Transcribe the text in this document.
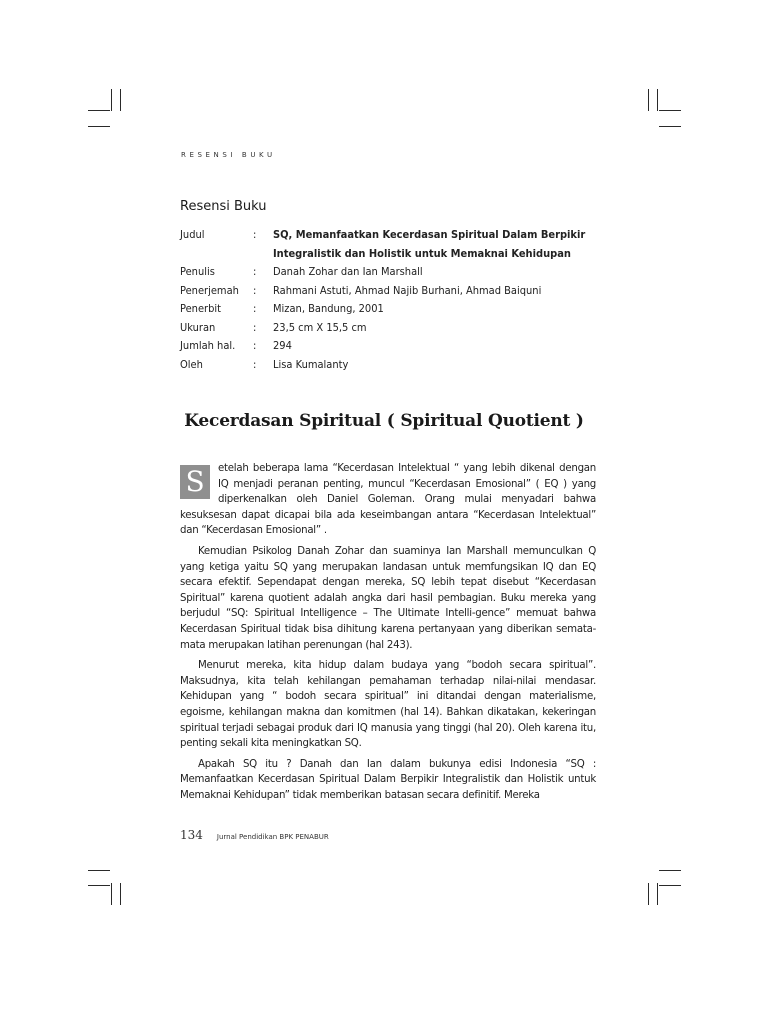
RESENSI BUKU
Resensi Buku
Judul	:	SQ, Memanfaatkan Kecerdasan Spiritual Dalam Berpikir Integralistik dan Holistik untuk Memaknai Kehidupan
Penulis	:	Danah Zohar dan Ian Marshall
Penerjemah	:	Rahmani Astuti, Ahmad Najib Burhani, Ahmad Baiquni
Penerbit	:	Mizan, Bandung, 2001
Ukuran	:	23,5 cm X 15,5 cm
Jumlah hal.	:	294
Oleh	:	Lisa Kumalanty
Kecerdasan Spiritual ( Spiritual Quotient )
S	etelah beberapa lama “Kecerdasan Intelektual “ yang lebih dikenal dengan IQ menjadi peranan penting, muncul “Kecerdasan Emosional” ( EQ ) yang diperkenalkan oleh Daniel Goleman. Orang mulai menyadari bahwa kesuksesan dapat dicapai bila ada keseimbangan antara “Kecerdasan Intelektual” dan “Kecerdasan Emosional” .

Kemudian Psikolog Danah Zohar dan suaminya Ian Marshall memunculkan Q yang ketiga yaitu SQ yang merupakan landasan untuk memfungsikan IQ dan EQ secara efektif. Sependapat dengan mereka, SQ lebih tepat disebut “Kecerdasan Spiritual” karena quotient adalah angka dari hasil pembagian. Buku mereka yang berjudul “SQ: Spiritual Intelligence – The Ultimate Intelli-gence” memuat bahwa Kecerdasan Spiritual tidak bisa dihitung karena pertanyaan yang diberikan semata-mata merupakan latihan perenungan (hal 243).

Menurut mereka, kita hidup dalam budaya yang “bodoh secara spiritual”. Maksudnya, kita telah kehilangan pemahaman terhadap nilai-nilai mendasar. Kehidupan yang “ bodoh secara spiritual” ini ditandai dengan materialisme, egoisme, kehilangan makna dan komitmen (hal 14). Bahkan dikatakan, kekeringan spiritual terjadi sebagai produk dari IQ manusia yang tinggi (hal 20). Oleh karena itu, penting sekali kita meningkatkan SQ.

Apakah SQ itu ? Danah dan Ian dalam bukunya edisi Indonesia “SQ : Memanfaatkan Kecerdasan Spiritual Dalam Berpikir Integralistik dan Holistik untuk Memaknai Kehidupan” tidak memberikan batasan secara definitif. Mereka

134 Jurnal Pendidikan BPK PENABUR
